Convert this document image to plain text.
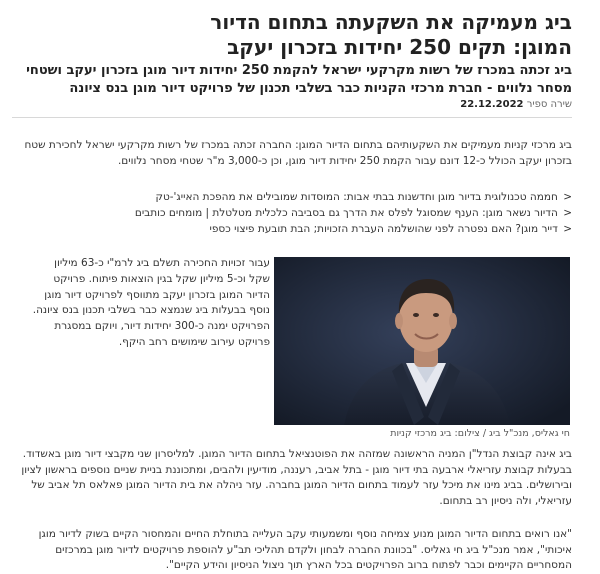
ביג מעמיקה את השקעתה בתחום הדיור
המוגן: תקים 250 יחידות בזכרון יעקב
ביג זכתה במכרז של רשות מקרקעי ישראל להקמת 250 יחידות דיור מוגן בזכרון יעקב ושטחי מסחר נלווים - חברת מרכזי הקניות כבר בשלבי תכנון של פרויקט דיור מוגן בנס ציונה
שירה ספיר 22.12.2022

ביג מרכזי קניות מעמיקים את השקעותיהם בתחום הדיור המוגן: החברה זכתה במכרז של רשות מקרקעי ישראל לחכירת שטח בזכרון יעקב הכולל כ-12 דונם עבור הקמת 250 יחידות דיור מוגן, וכן כ-3,000 מ"ר שטחי מסחר נלווים.

< חממה טכנולוגית בדיור מוגן וחדשנות בבתי אבות: המוסדות שמובילים את מהפכת האייג'-טק
< הדיור נשאר מוגן: הענף שמסוגל לפלס את הדרך גם בסביבה כלכלית מטלטלת | מומחים כותבים
< דייר מוגן? האם נפטרה לפני שהושלמה העברת הזכויות; הבת תובעת פיצוי כספי

עבור זכויות החכירה תשלם ביג לרמ"י כ-63 מיליון שקל וכ-5 מיליון שקל בגין הוצאות פיתוח. פרויקט הדיור המוגן בזכרון יעקב מתווסף לפרויקט דיור מוגן נוסף בבעלות ביג שנמצא כבר בשלבי תכנון בנס ציונה. הפרויקט ימנה כ-300 יחידות דיור, ויוקם במסגרת פרויקט עירוב שימושים רחב היקף.

חי גאליס, מנכ"ל ביג / צילום: ביג מרכזי קניות

ביג אינה קבוצת הנדל"ן המניה הראשונה שמזהה את הפוטנציאל בתחום הדיור המוגן. למליסרון שני מקבצי דיור מוגן באשדוד. בבעלות קבוצת עזריאלי ארבעה בתי דיור מוגן - בתל אביב, רעננה, מודיעין ולהבים, ומתכוננת בניית שניים נוספים בראשון לציון ובירושלים. בביג מינו את מיכל עזר לעמוד בתחום הדיור המוגן בחברה. עזר ניהלה את בית הדיור המוגן פאלאס תל אביב של עזריאלי, ולה ניסיון רב בתחום.

"אנו רואים בתחום הדיור המוגן מנוע צמיחה נוסף ומשמעותי עקב העלייה בתוחלת החיים והמחסור הקיים בשוק לדיור מוגן איכותי", אמר מנכ"ל ביג חי גאליס. "בכוונת החברה לבחון ולקדם תהליכי תב"ע להוספת פרויקטים לדיור מוגן במרכזים המסחריים הקיימים וכבר לפתוח ברוב הפרויקטים בכל הארץ תוך ניצול הניסיון והידע הקיים".
